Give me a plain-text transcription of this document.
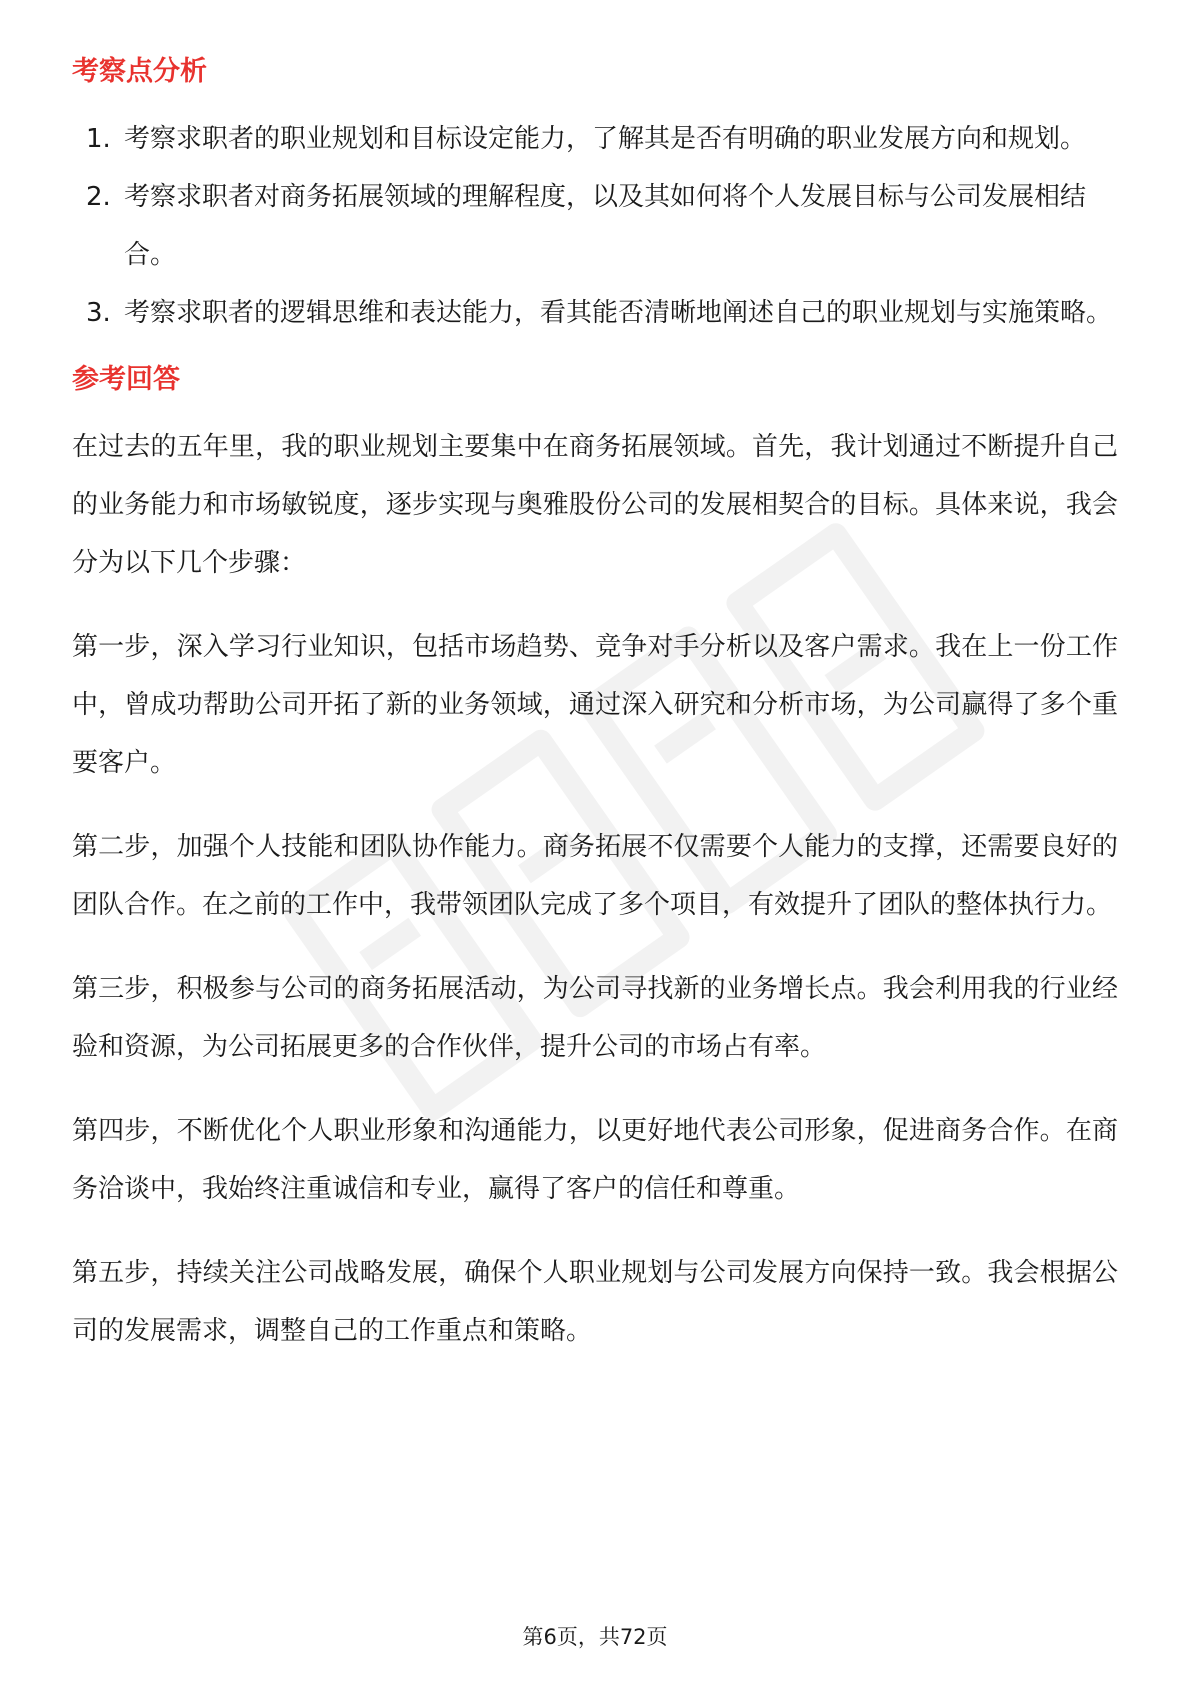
考察点分析
1. 考察求职者的职业规划和目标设定能力，了解其是否有明确的职业发展方向和规划。
2. 考察求职者对商务拓展领域的理解程度，以及其如何将个人发展目标与公司发展相结合。
3. 考察求职者的逻辑思维和表达能力，看其能否清晰地阐述自己的职业规划与实施策略。
参考回答

在过去的五年里，我的职业规划主要集中在商务拓展领域。首先，我计划通过不断提升自己的业务能力和市场敏锐度，逐步实现与奥雅股份公司的发展相契合的目标。具体来说，我会分为以下几个步骤：

第一步，深入学习行业知识，包括市场趋势、竞争对手分析以及客户需求。我在上一份工作中，曾成功帮助公司开拓了新的业务领域，通过深入研究和分析市场，为公司赢得了多个重要客户。

第二步，加强个人技能和团队协作能力。商务拓展不仅需要个人能力的支撑，还需要良好的团队合作。在之前的工作中，我带领团队完成了多个项目，有效提升了团队的整体执行力。

第三步，积极参与公司的商务拓展活动，为公司寻找新的业务增长点。我会利用我的行业经验和资源，为公司拓展更多的合作伙伴，提升公司的市场占有率。

第四步，不断优化个人职业形象和沟通能力，以更好地代表公司形象，促进商务合作。在商务洽谈中，我始终注重诚信和专业，赢得了客户的信任和尊重。

第五步，持续关注公司战略发展，确保个人职业规划与公司发展方向保持一致。我会根据公司的发展需求，调整自己的工作重点和策略。

第6页，共72页
